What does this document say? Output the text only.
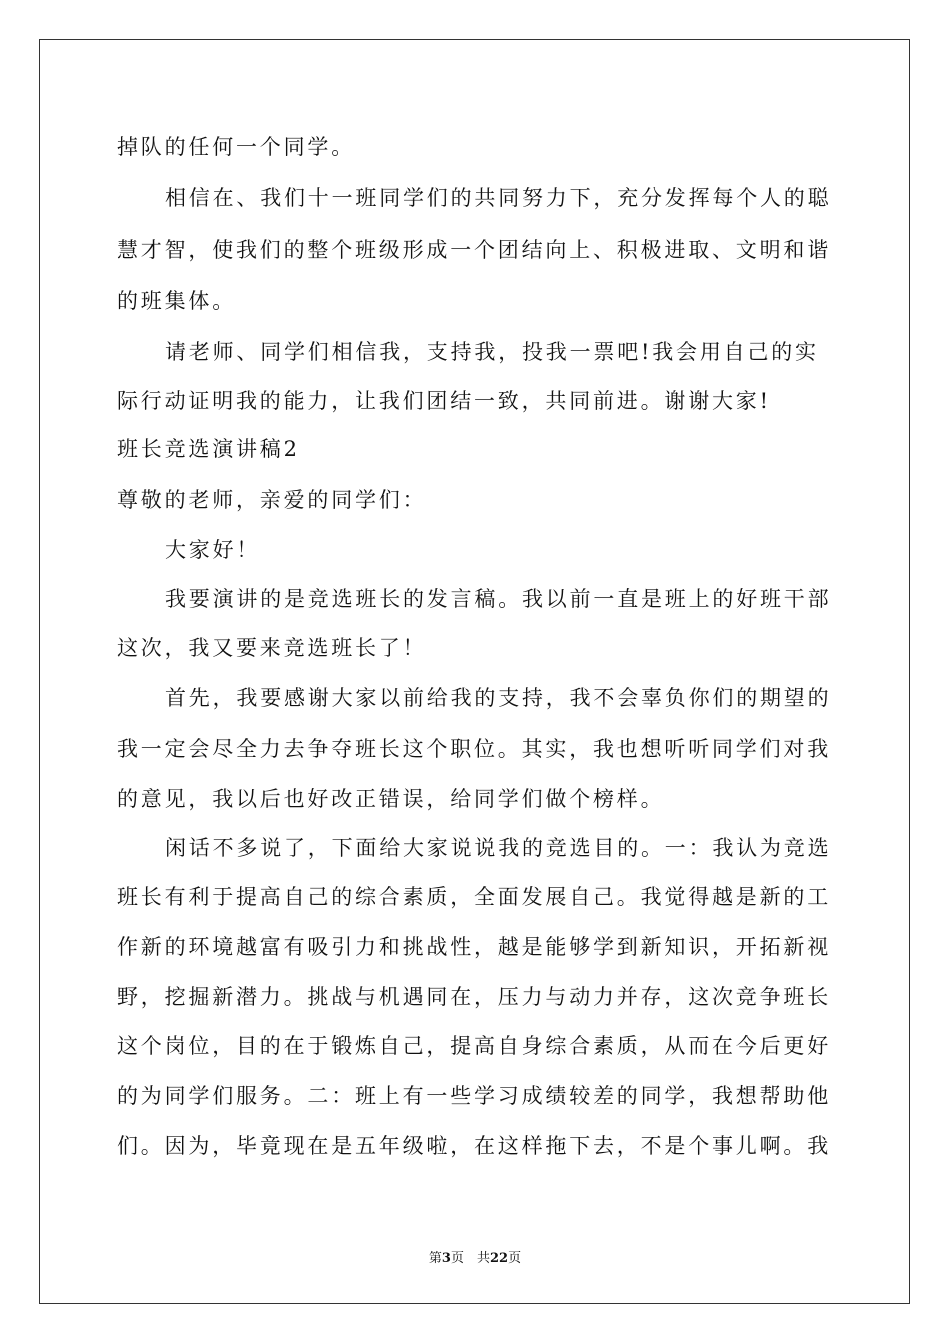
掉队的任何一个同学。

相信在、我们十一班同学们的共同努力下，充分发挥每个人的聪

慧才智，使我们的整个班级形成一个团结向上、积极进取、文明和谐

的班集体。

请老师、同学们相信我，支持我，投我一票吧!我会用自己的实

际行动证明我的能力，让我们团结一致，共同前进。谢谢大家!

班长竞选演讲稿2

尊敬的老师，亲爱的同学们：

大家好！

我要演讲的是竞选班长的发言稿。我以前一直是班上的好班干部

这次，我又要来竞选班长了！

首先，我要感谢大家以前给我的支持，我不会辜负你们的期望的

我一定会尽全力去争夺班长这个职位。其实，我也想听听同学们对我

的意见，我以后也好改正错误，给同学们做个榜样。

闲话不多说了，下面给大家说说我的竞选目的。一：我认为竞选

班长有利于提高自己的综合素质，全面发展自己。我觉得越是新的工

作新的环境越富有吸引力和挑战性，越是能够学到新知识，开拓新视

野，挖掘新潜力。挑战与机遇同在，压力与动力并存，这次竞争班长

这个岗位，目的在于锻炼自己，提高自身综合素质，从而在今后更好

的为同学们服务。二：班上有一些学习成绩较差的同学，我想帮助他

们。因为，毕竟现在是五年级啦，在这样拖下去，不是个事儿啊。我

第3页　共22页
